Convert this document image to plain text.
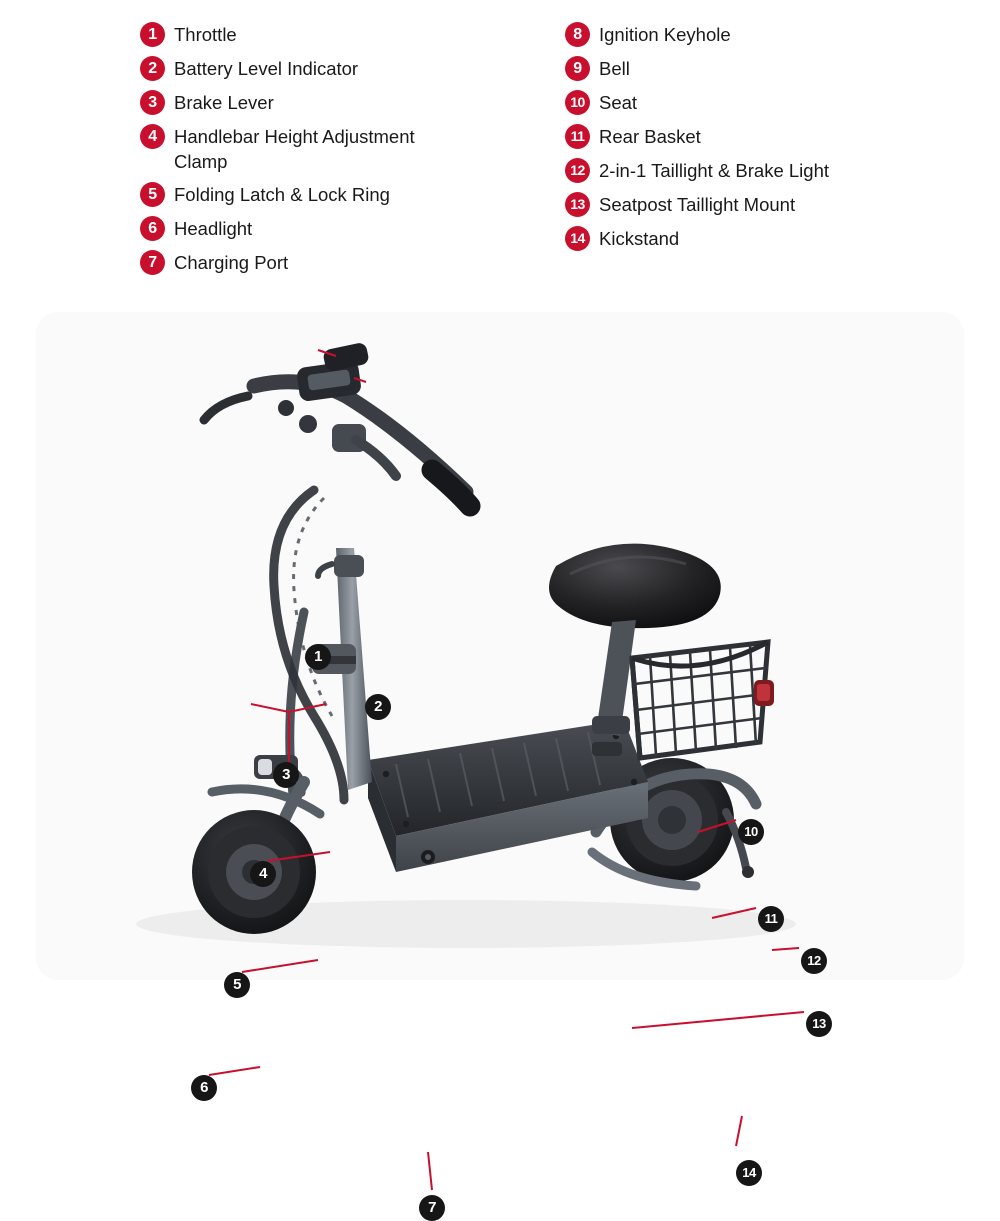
1 Throttle
2 Battery Level Indicator
3 Brake Lever
4 Handlebar Height Adjustment Clamp
5 Folding Latch & Lock Ring
6 Headlight
7 Charging Port
8 Ignition Keyhole
9 Bell
10 Seat
11 Rear Basket
12 2-in-1 Taillight & Brake Light
13 Seatpost Taillight Mount
14 Kickstand
1
2
3
4
5
6
7
10
11
12
13
14
